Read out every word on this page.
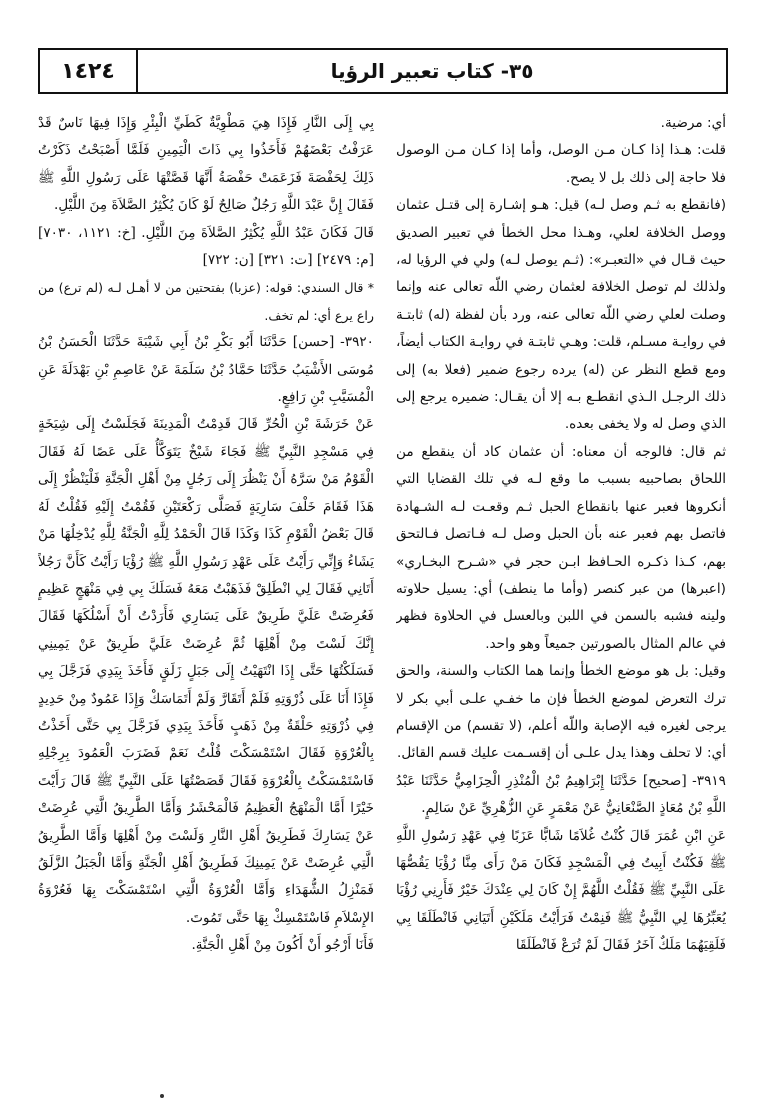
١٤٢٤	٣٥- كتاب تعبير الرؤيا

أي: مرضية.

قلت: هـذا إذا كـان مـن الوصل، وأما إذا كـان مـن الوصول فلا حاجة إلى ذلك بل لا يصح.

(فانقطع به ثـم وصل لـه) قيل: هـو إشـارة إلى قتـل عثمان ووصل الخلافة لعلي، وهـذا محل الخطأ في تعبير الصديق حيث قـال في «التعبـر»: (ثـم يوصل لـه) ولي في الرؤيا له، ولذلك لم توصل الخلافة لعثمان رضي اللّه تعالى عنه وإنما وصلت لعلي رضي اللّه تعالى عنه، ورد بأن لفظة (له) ثابتـة في روايـة مسـلم، قلت: وهـي ثابتـة في روايـة الكتاب أيضاً، ومع قطع النظر عن (له) يرده رجوع ضمير (فعلا به) إلى ذلك الرجـل الـذي انقطـع بـه إلا أن يقـال: ضميره يرجع إلى الذي وصل له ولا يخفى بعده.

ثم قال: فالوجه أن معناه: أن عثمان كاد أن ينقطع من اللحاق بصاحبيه بسبب ما وقع لـه في تلك القضايا التي أنكروها فعبر عنها بانقطاع الحبل ثـم وقعـت لـه الشـهادة فاتصل بهم فعبر عنه بأن الحبل وصل لـه فـاتصل فـالتحق بهم، كـذا ذكـره الحـافظ ابـن حجر في «شـرح البخـاري» (اعبرها) من عبر كنصر (وأما ما ينطف) أي: يسيل حلاوته ولينه فشبه بالسمن في اللبن وبالعسل في الحلاوة فظهر في عالم المثال بالصورتين جميعاً وهو واحد.

وقيل: بل هو موضع الخطأ وإنما هما الكتاب والسنة، والحق ترك التعرض لموضع الخطأ فإن ما خفـي علـى أبي بكر لا يرجى لغيره فيه الإصابة واللّه أعلم، (لا تقسم) من الإقسام أي: لا تحلف وهذا يدل علـى أن إقسـمت عليك قسم القائل.

٣٩١٩- [صحيح] حَدَّثَنَا إِبْرَاهِيمُ بْنُ الْمُنْذِرِ الْحِزَامِيُّ حَدَّثَنَا عَبْدُ اللَّهِ بْنُ مُعَاذٍ الصَّنْعَانِيُّ عَنْ مَعْمَرٍ عَنِ الزُّهْرِيِّ عَنْ سَالِمٍ.

عَنِ ابْنِ عُمَرَ قَالَ كُنْتُ غُلاَمًا شَابًّا عَزَبًا فِي عَهْدِ رَسُولِ اللَّهِ ﷺ فَكُنْتُ أَبِيتُ فِي الْمَسْجِدِ فَكَانَ مَنْ رَأَى مِنَّا رُؤْيَا يَقُصُّهَا عَلَى النَّبِيِّ ﷺ فَقُلْتُ اللَّهُمَّ إِنْ كَانَ لِي عِنْدَكَ خَيْرٌ فَأَرِنِي رُؤْيَا يُعَبِّرُهَا لِي النَّبِيُّ ﷺ فَنِمْتُ فَرَأَيْتُ مَلَكَيْنِ أَتَيَانِي فَانْطَلَقَا بِي فَلَقِيَهُمَا مَلَكٌ آخَرُ فَقَالَ لَمْ تُرَعْ فَانْطَلَقَا

بِي إِلَى النَّارِ فَإِذَا هِيَ مَطْوِيَّةٌ كَطَيِّ الْبِئْرِ وَإِذَا فِيهَا نَاسٌ قَدْ عَرَفْتُ بَعْضَهُمْ فَأَخَذُوا بِي ذَاتَ الْيَمِينِ فَلَمَّا أَصْبَحْتُ ذَكَرْتُ ذَلِكَ لِحَفْصَةَ فَزَعَمَتْ حَفْصَةُ أَنَّهَا قَصَّتْهَا عَلَى رَسُولِ اللَّهِ ﷺ فَقَالَ إِنَّ عَبْدَ اللَّهِ رَجُلٌ صَالِحٌ لَوْ كَانَ يُكْثِرُ الصَّلاَةَ مِنَ اللَّيْلِ.

قَالَ فَكَانَ عَبْدُ اللَّهِ يُكْثِرُ الصَّلاَةَ مِنَ اللَّيْلِ. [خ: ١١٢١، ٧٠٣٠] [م: ٢٤٧٩] [ت: ٣٢١] [ن: ٧٢٢]

* قال السندي: قوله: (عزبا) بفتحتين من لا أهـل لـه (لم ترع) من راع يرع أي: لم تخف.

٣٩٢٠- [حسن] حَدَّثَنَا أَبُو بَكْرِ بْنُ أَبِي شَيْبَةَ حَدَّثَنَا الْحَسَنُ بْنُ مُوسَى الأَشْيَبُ حَدَّثَنَا حَمَّادُ بْنُ سَلَمَةَ عَنْ عَاصِمِ بْنِ بَهْدَلَةَ عَنِ الْمُسَيَّبِ بْنِ رَافِعٍ.

عَنْ خَرَشَةَ بْنِ الْحُرِّ قَالَ قَدِمْتُ الْمَدِينَةَ فَجَلَسْتُ إِلَى شِيَخَةٍ فِي مَسْجِدِ النَّبِيِّ ﷺ فَجَاءَ شَيْخٌ يَتَوَكَّأُ عَلَى عَصًا لَهُ فَقَالَ الْقَوْمُ مَنْ سَرَّهُ أَنْ يَنْظُرَ إِلَى رَجُلٍ مِنْ أَهْلِ الْجَنَّةِ فَلْيَنْظُرْ إِلَى هَذَا فَقَامَ خَلْفَ سَارِيَةٍ فَصَلَّى رَكْعَتَيْنِ فَقُمْتُ إِلَيْهِ فَقُلْتُ لَهُ قَالَ بَعْضُ الْقَوْمِ كَذَا وَكَذَا قَالَ الْحَمْدُ لِلَّهِ الْجَنَّةُ لِلَّهِ يُدْخِلُهَا مَنْ يَشَاءُ وَإِنِّي رَأَيْتُ عَلَى عَهْدِ رَسُولِ اللَّهِ ﷺ رُؤْيَا رَأَيْتُ كَأَنَّ رَجُلاً أَتَانِي فَقَالَ لِي انْطَلِقْ فَذَهَبْتُ مَعَهُ فَسَلَكَ بِي فِي مَنْهَجٍ عَظِيمٍ فَعُرِضَتْ عَلَيَّ طَرِيقٌ عَلَى يَسَارِي فَأَرَدْتُ أَنْ أَسْلُكَهَا فَقَالَ إِنَّكَ لَسْتَ مِنْ أَهْلِهَا ثُمَّ عُرِضَتْ عَلَيَّ طَرِيقٌ عَنْ يَمِينِي فَسَلَكْتُهَا حَتَّى إِذَا انْتَهَيْتُ إِلَى جَبَلٍ زَلَقٍ فَأَخَذَ بِيَدِي فَزَجَّلَ بِي فَإِذَا أَنَا عَلَى ذُرْوَتِهِ فَلَمْ أَتَقَارَّ وَلَمْ أَتَمَاسَكْ وَإِذَا عَمُودٌ مِنْ حَدِيدٍ فِي ذُرْوَتِهِ حَلْقَةٌ مِنْ ذَهَبٍ فَأَخَذَ بِيَدِي فَزَجَّلَ بِي حَتَّى أَخَذْتُ بِالْعُرْوَةِ فَقَالَ اسْتَمْسَكْتَ قُلْتُ نَعَمْ فَضَرَبَ الْعَمُودَ بِرِجْلِهِ فَاسْتَمْسَكْتُ بِالْعُرْوَةِ فَقَالَ قَصَصْتُهَا عَلَى النَّبِيِّ ﷺ قَالَ رَأَيْتَ خَيْرًا أَمَّا الْمَنْهَجُ الْعَظِيمُ فَالْمَحْشَرُ وَأَمَّا الطَّرِيقُ الَّتِي عُرِضَتْ عَنْ يَسَارِكَ فَطَرِيقُ أَهْلِ النَّارِ وَلَسْتَ مِنْ أَهْلِهَا وَأَمَّا الطَّرِيقُ الَّتِي عُرِضَتْ عَنْ يَمِينِكَ فَطَرِيقُ أَهْلِ الْجَنَّةِ وَأَمَّا الْجَبَلُ الزَّلَقُ فَمَنْزِلُ الشُّهَدَاءِ وَأَمَّا الْعُرْوَةُ الَّتِي اسْتَمْسَكْتَ بِهَا فَعُرْوَةُ الإِسْلاَمِ فَاسْتَمْسِكْ بِهَا حَتَّى تَمُوتَ.

فَأَنَا أَرْجُو أَنْ أَكُونَ مِنْ أَهْلِ الْجَنَّةِ.
